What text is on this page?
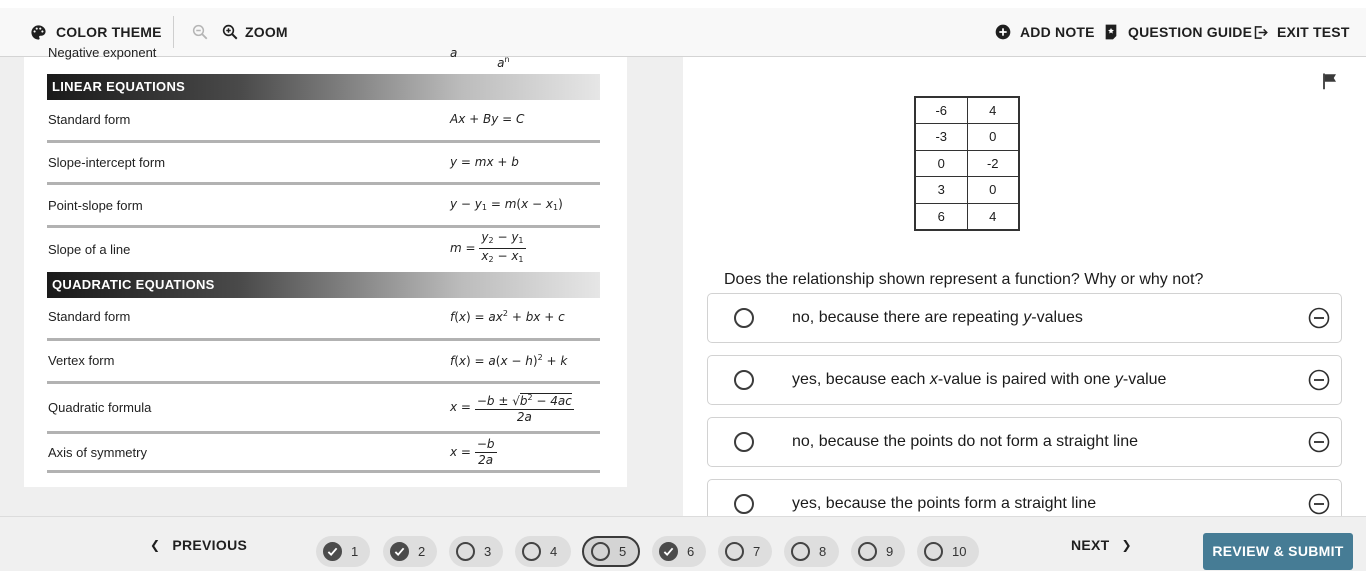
COLOR THEME	ZOOM	ADD NOTE QUESTION GUIDE EXIT TEST
Negative exponent	a $a^n$
LINEAR EQUATIONS
Standard form	Ax + By = C
Slope-intercept form	y = mx + b
Point-slope form	$y - y_1 = m(x - x_1)$
Slope of a line	$m = \frac{y_2 - y_1}{x_2 - x_1}$
QUADRATIC EQUATIONS
Standard form	$f(x) = ax^2$ + bx + c
Vertex form	$f(x) = a(x - h)^2 + k$
Quadratic formula	$x = \frac{-b \pm √b^2 - 4ac}{2a}$
Axis of symmetry	$x = \frac{-b}{2a}$
-6	4
-3	0
0	-2
3	0
6	4
Does the relationship shown represent a function? Why or why not?
no, because there are repeating y-values
yes, because each x-value is paired with one y-value
no, because the points do not form a straight line
yes, because the points form a straight line
❮ PREVIOUS	1	2	3	4	5	6	7	8	9	10	NEXT ❯	REVIEW & SUBMIT
